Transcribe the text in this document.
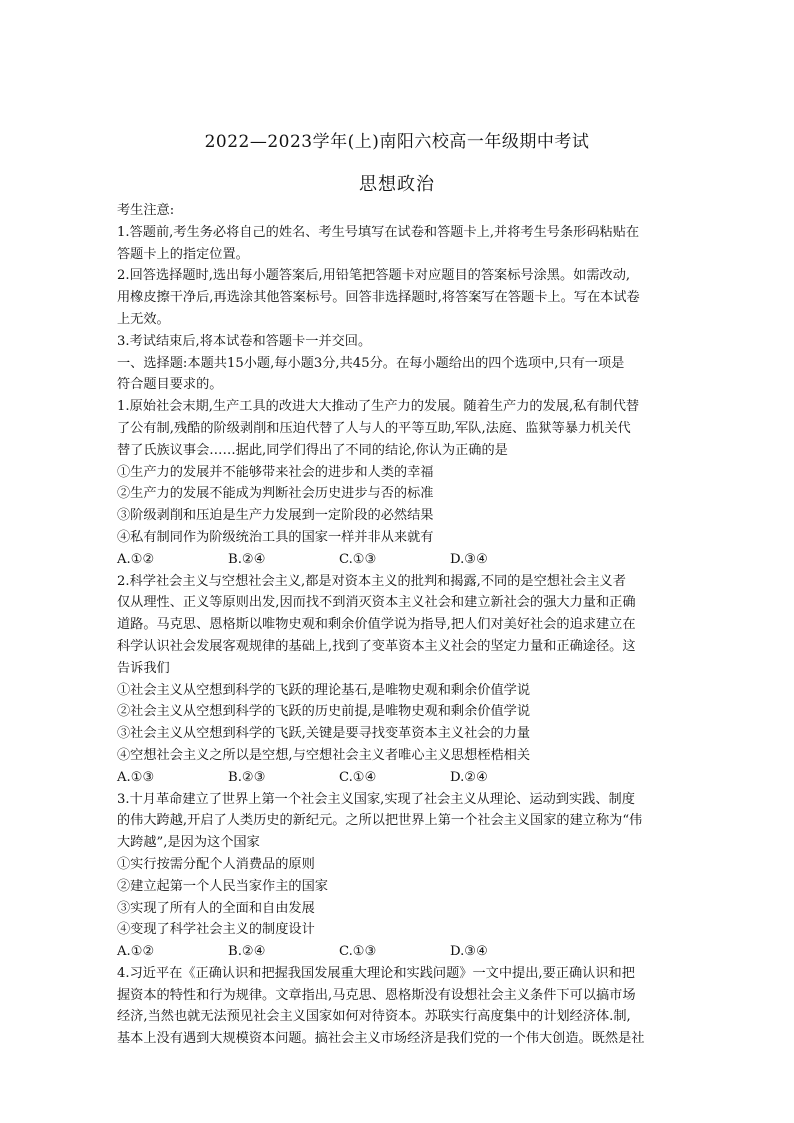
2022—2023学年(上)南阳六校高一年级期中考试
思想政治
考生注意:
1.答题前,考生务必将自己的姓名、考生号填写在试卷和答题卡上,并将考生号条形码粘贴在
答题卡上的指定位置。
2.回答选择题时,选出每小题答案后,用铅笔把答题卡对应题目的答案标号涂黑。如需改动,
用橡皮擦干净后,再选涂其他答案标号。回答非选择题时,将答案写在答题卡上。写在本试卷
上无效。
3.考试结束后,将本试卷和答题卡一并交回。
一、选择题:本题共15小题,每小题3分,共45分。在每小题给出的四个选项中,只有一项是
符合题目要求的。
1.原始社会末期,生产工具的改进大大推动了生产力的发展。随着生产力的发展,私有制代替
了公有制,残酷的阶级剥削和压迫代替了人与人的平等互助,军队,法庭、监狱等暴力机关代
替了氏族议事会……据此,同学们得出了不同的结论,你认为正确的是
①生产力的发展并不能够带来社会的进步和人类的幸福
②生产力的发展不能成为判断社会历史进步与否的标准
③阶级剥削和压迫是生产力发展到一定阶段的必然结果
④私有制同作为阶级统治工具的国家一样并非从来就有
A.①②	B.②④	C.①③	D.③④
2.科学社会主义与空想社会主义,都是对资本主义的批判和揭露,不同的是空想社会主义者
仅从理性、正义等原则出发,因而找不到消灭资本主义社会和建立新社会的强大力量和正确
道路。马克思、恩格斯以唯物史观和剩余价值学说为指导,把人们对美好社会的追求建立在
科学认识社会发展客观规律的基础上,找到了变革资本主义社会的坚定力量和正确途径。这
告诉我们
①社会主义从空想到科学的飞跃的理论基石,是唯物史观和剩余价值学说
②社会主义从空想到科学的飞跃的历史前提,是唯物史观和剩余价值学说
③社会主义从空想到科学的飞跃,关键是要寻找变革资本主义社会的力量
④空想社会主义之所以是空想,与空想社会主义者唯心主义思想桎梏相关
A.①③	B.②③	C.①④	D.②④
3.十月革命建立了世界上第一个社会主义国家,实现了社会主义从理论、运动到实践、制度
的伟大跨越,开启了人类历史的新纪元。之所以把世界上第一个社会主义国家的建立称为“伟
大跨越”,是因为这个国家
①实行按需分配个人消费品的原则
②建立起第一个人民当家作主的国家
③实现了所有人的全面和自由发展
④变现了科学社会主义的制度设计
A.①②	B.②④	C.①③	D.③④
4.习近平在《正确认识和把握我国发展重大理论和实践问题》一文中提出,要正确认识和把
握资本的特性和行为规律。文章指出,马克思、恩格斯没有设想社会主义条件下可以搞市场
经济,当然也就无法预见社会主义国家如何对待资本。苏联实行高度集中的计划经济体.制,
基本上没有遇到大规模资本问题。搞社会主义市场经济是我们党的一个伟大创造。既然是社
